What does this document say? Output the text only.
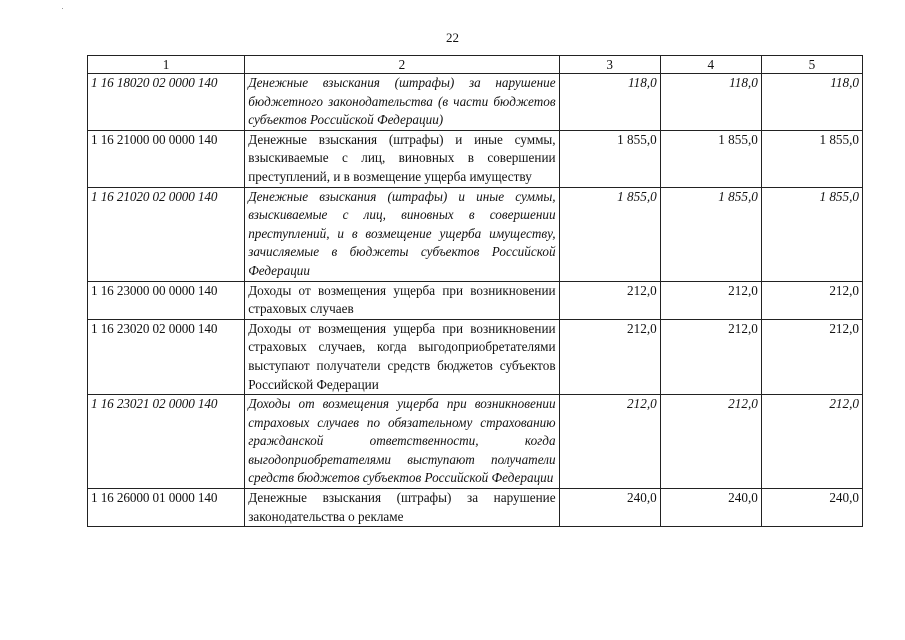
22
1	2	3	4	5
1 16 18020 02 0000 140	Денежные взыскания (штрафы) за нарушение бюджетного законодательства (в части бюджетов субъектов Российской Федерации)	118,0	118,0	118,0
1 16 21000 00 0000 140	Денежные взыскания (штрафы) и иные суммы, взыскиваемые с лиц, виновных в совершении преступлений, и в возмещение ущерба имуществу	1 855,0	1 855,0	1 855,0
1 16 21020 02 0000 140	Денежные взыскания (штрафы) и иные суммы, взыскиваемые с лиц, виновных в совершении преступлений, и в возмещение ущерба имуществу, зачисляемые в бюджеты субъектов Российской Федерации	1 855,0	1 855,0	1 855,0
1 16 23000 00 0000 140	Доходы от возмещения ущерба при возникновении страховых случаев	212,0	212,0	212,0
1 16 23020 02 0000 140	Доходы от возмещения ущерба при возникновении страховых случаев, когда выгодоприобретателями выступают получатели средств бюджетов субъектов Российской Федерации	212,0	212,0	212,0
1 16 23021 02 0000 140	Доходы от возмещения ущерба при возникновении страховых случаев по обязательному страхованию гражданской ответственности, когда выгодоприобретателями выступают получатели средств бюджетов субъектов Российской Федерации	212,0	212,0	212,0
1 16 26000 01 0000 140	Денежные взыскания (штрафы) за нарушение законодательства о рекламе	240,0	240,0	240,0
